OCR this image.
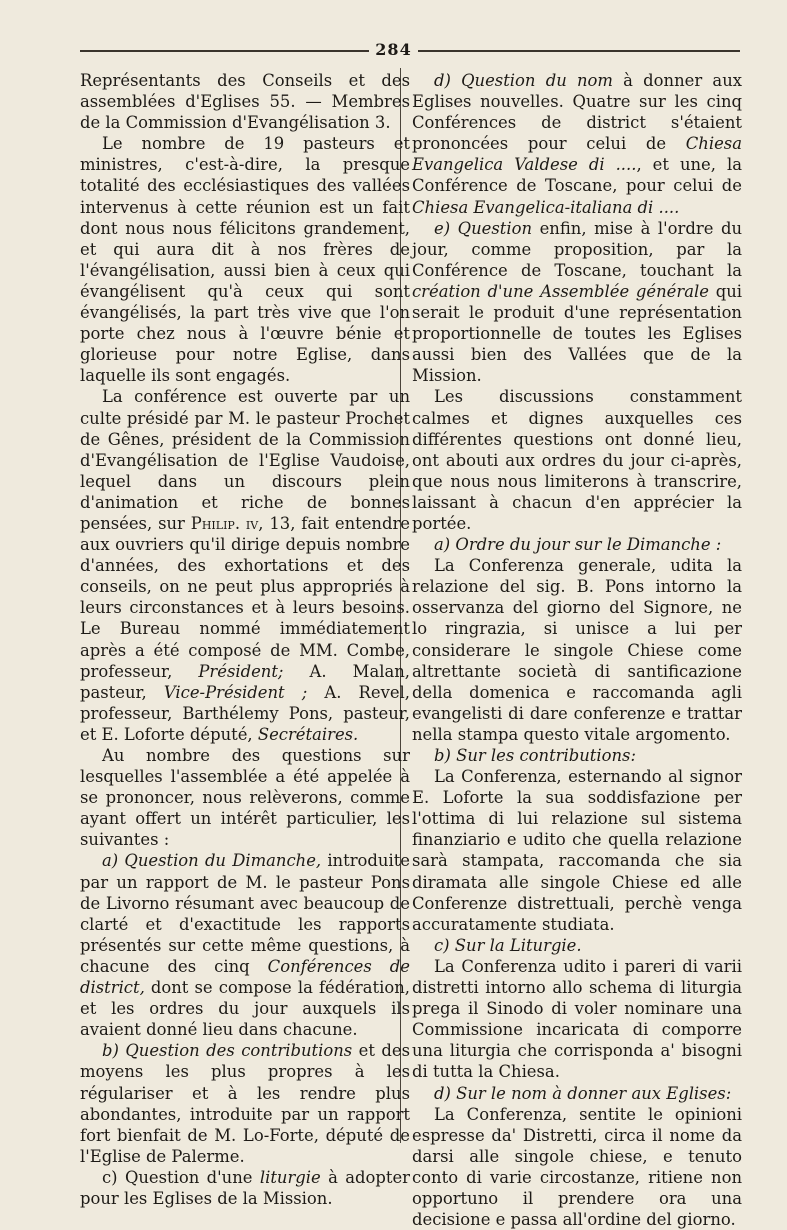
284

Représentants des Conseils et des assemblées d'Eglises 55. — Membres de la Commission d'Evangélisation 3.

Le nombre de 19 pasteurs et ministres, c'est-à-dire, la presque totalité des ecclésiastiques des vallées intervenus à cette réunion est un fait dont nous nous félicitons grandement, et qui aura dit à nos frères de l'évangélisation, aussi bien à ceux qui évangélisent qu'à ceux qui sont évangélisés, la part très vive que l'on porte chez nous à l'œuvre bénie et glorieuse pour notre Eglise, dans laquelle ils sont engagés.

La conférence est ouverte par un culte présidé par M. le pasteur Prochet de Gênes, président de la Commission d'Evangélisation de l'Eglise Vaudoise, lequel dans un discours plein d'animation et riche de bonnes pensées, sur Philip. iv, 13, fait entendre aux ouvriers qu'il dirige depuis nombre d'années, des exhortations et des conseils, on ne peut plus appropriés à leurs circonstances et à leurs besoins. Le Bureau nommé immédiatement après a été composé de MM. Combe, professeur, Président; A. Malan, pasteur, Vice-Président ; A. Revel, professeur, Barthélemy Pons, pasteur, et E. Loforte député, Secrétaires.

Au nombre des questions sur lesquelles l'assemblée a été appelée à se prononcer, nous relèverons, comme ayant offert un intérêt particulier, les suivantes :

a) Question du Dimanche, introduite par un rapport de M. le pasteur Pons de Livorno résumant avec beaucoup de clarté et d'exactitude les rapports présentés sur cette même questions, à chacune des cinq Conférences de district, dont se compose la fédération, et les ordres du jour auxquels ils avaient donné lieu dans chacune.

b) Question des contributions et des moyens les plus propres à les régulariser et à les rendre plus abondantes, introduite par un rapport fort bienfait de M. Lo-Forte, député de l'Eglise de Palerme.

c) Question d'une liturgie à adopter pour les Eglises de la Mission.

d) Question du nom à donner aux Eglises nouvelles. Quatre sur les cinq Conférences de district s'étaient prononcées pour celui de Chiesa Evangelica Valdese di ...., et une, la Conférence de Toscane, pour celui de Chiesa Evangelica-italiana di ....

e) Question enfin, mise à l'ordre du jour, comme proposition, par la Conférence de Toscane, touchant la création d'une Assemblée générale qui serait le produit d'une représentation proportionnelle de toutes les Eglises aussi bien des Vallées que de la Mission.

Les discussions constamment calmes et dignes auxquelles ces différentes questions ont donné lieu, ont abouti aux ordres du jour ci-après, que nous nous limiterons à transcrire, laissant à chacun d'en apprécier la portée.

a) Ordre du jour sur le Dimanche :

La Conferenza generale, udita la relazione del sig. B. Pons intorno la osservanza del giorno del Signore, ne lo ringrazia, si unisce a lui per considerare le singole Chiese come altrettante società di santificazione della domenica e raccomanda agli evangelisti di dare conferenze e trattar nella stampa questo vitale argomento.

b) Sur les contributions:

La Conferenza, esternando al signor E. Loforte la sua soddisfazione per l'ottima di lui relazione sul sistema finanziario e udito che quella relazione sarà stampata, raccomanda che sia diramata alle singole Chiese ed alle Conferenze distrettuali, perchè venga accuratamente studiata.

c) Sur la Liturgie.

La Conferenza udito i pareri di varii distretti intorno allo schema di liturgia prega il Sinodo di voler nominare una Commissione incaricata di comporre una liturgia che corrisponda a' bisogni di tutta la Chiesa.

d) Sur le nom à donner aux Eglises:

La Conferenza, sentite le opinioni espresse da' Distretti, circa il nome da darsi alle singole chiese, e tenuto conto di varie circostanze, ritiene non opportuno il prendere ora una decisione e passa all'ordine del giorno.
